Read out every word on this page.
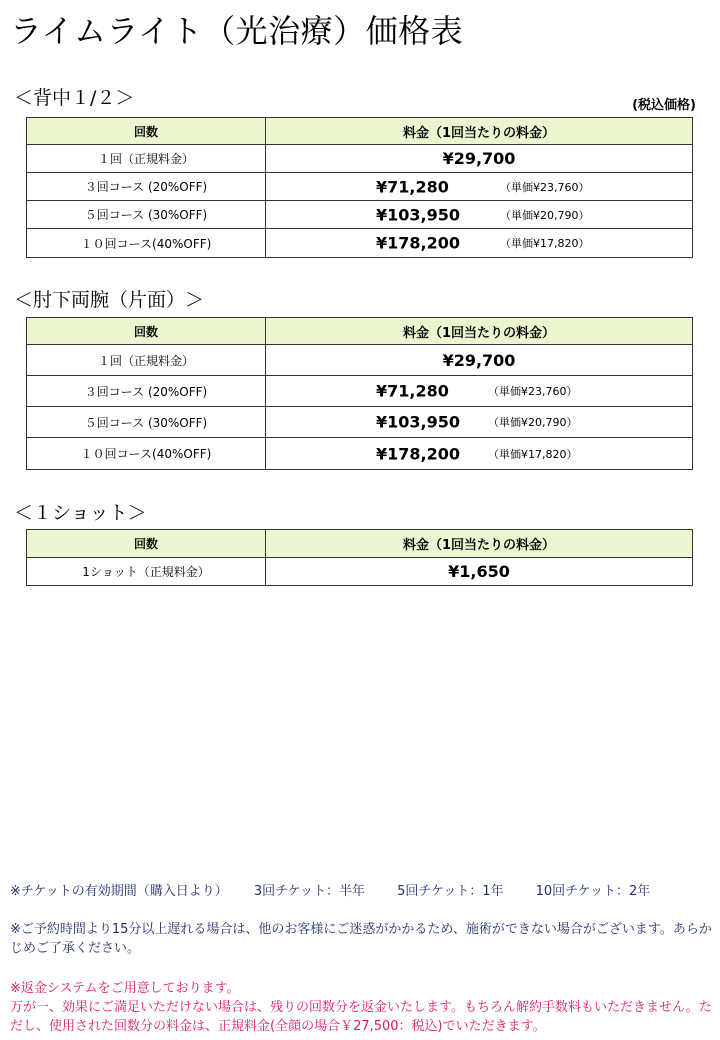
ライムライト（光治療）価格表
＜背中１/２＞	(税込価格)
回数	料金（1回当たりの料金）
１回（正規料金）	¥29,700

３回コース (20%OFF)	¥71,280 （単価¥23,760）

５回コース (30%OFF)	¥103,950 （単価¥20,790）

１０回コース(40%OFF)	¥178,200 （単価¥17,820）
＜肘下両腕（片面）＞
回数	料金（1回当たりの料金）
１回（正規料金）	¥29,700

３回コース (20%OFF)	¥71,280 （単価¥23,760）

５回コース (30%OFF)	¥103,950 （単価¥20,790）

１０回コース(40%OFF)	¥178,200 （単価¥17,820）
＜１ショット＞
回数	料金（1回当たりの料金）
1ショット（正規料金）	¥1,650
※チケットの有効期間（購入日より） 3回チケット：半年 5回チケット：1年 10回チケット：2年
※ご予約時間より15分以上遅れる場合は、他のお客様にご迷惑がかかるため、施術ができない場合がございます。あらかじめご了承ください。
※返金システムをご用意しております。
万が一、効果にご満足いただけない場合は、残りの回数分を返金いたします。もちろん解約手数料もいただきません。ただし、使用された回数分の料金は、正規料金(全顔の場合￥27,500：税込)でいただきます。
